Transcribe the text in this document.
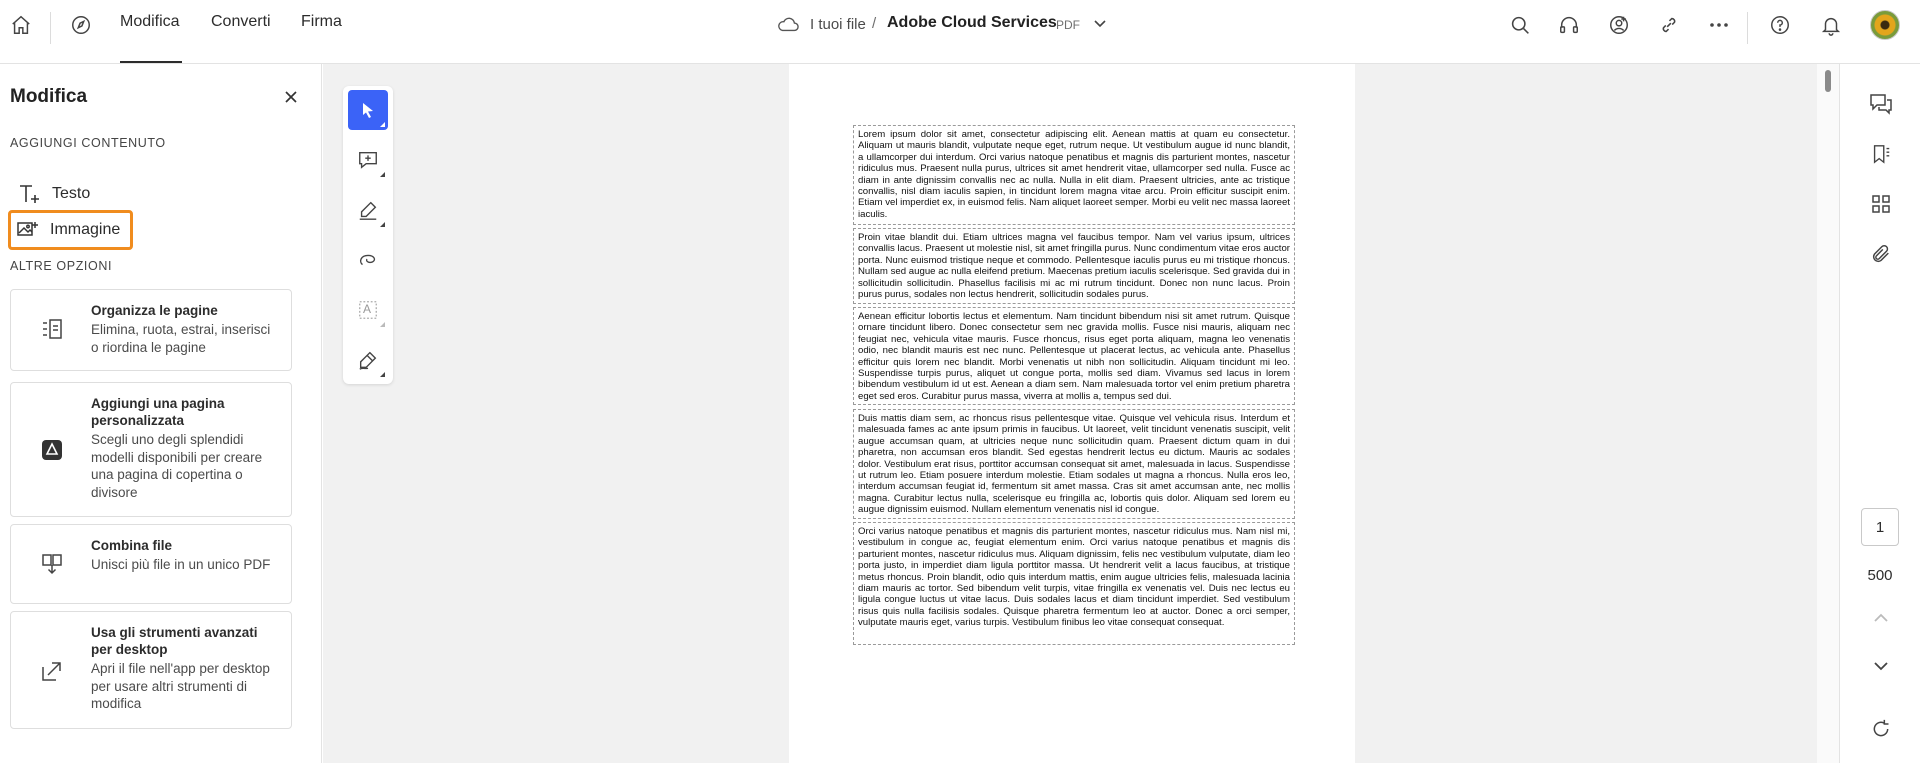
Modifica Converti Firma	I tuoi file / Adobe Cloud Services PDF
Modifica
AGGIUNGI CONTENUTO
Testo
Immagine
ALTRE OPZIONI
Organizza le pagine
Elimina, ruota, estrai, inserisci o riordina le pagine
Aggiungi una pagina personalizzata
Scegli uno degli splendidi modelli disponibili per creare una pagina di copertina o divisore
Combina file
Unisci più file in un unico PDF
Usa gli strumenti avanzati per desktop
Apri il file nell'app per desktop per usare altri strumenti di modifica
A
Lorem ipsum dolor sit amet, consectetur adipiscing elit. Aenean mattis at quam eu consectetur. Aliquam ut mauris blandit, vulputate neque eget, rutrum neque. Ut vestibulum augue id nunc blandit, a ullamcorper dui interdum. Orci varius natoque penatibus et magnis dis parturient montes, nascetur ridiculus mus. Praesent nulla purus, ultrices sit amet hendrerit vitae, ullamcorper sed nulla. Fusce ac diam in ante dignissim convallis nec ac nulla. Nulla in elit diam. Praesent ultricies, ante ac tristique convallis, nisl diam iaculis sapien, in tincidunt lorem magna vitae arcu. Proin efficitur suscipit enim. Etiam vel imperdiet ex, in euismod felis. Nam aliquet laoreet semper. Morbi eu velit nec massa laoreet iaculis.
Proin vitae blandit dui. Etiam ultrices magna vel faucibus tempor. Nam vel varius ipsum, ultrices convallis lacus. Praesent ut molestie nisl, sit amet fringilla purus. Nunc condimentum vitae eros auctor porta. Nunc euismod tristique neque et commodo. Pellentesque iaculis purus eu mi tristique rhoncus. Nullam sed augue ac nulla eleifend pretium. Maecenas pretium iaculis scelerisque. Sed gravida dui in sollicitudin sollicitudin. Phasellus facilisis mi ac mi rutrum tincidunt. Donec non nunc lacus. Proin purus purus, sodales non lectus hendrerit, sollicitudin sodales purus.
Aenean efficitur lobortis lectus et elementum. Nam tincidunt bibendum nisi sit amet rutrum. Quisque ornare tincidunt libero. Donec consectetur sem nec gravida mollis. Fusce nisi mauris, aliquam nec feugiat nec, vehicula vitae mauris. Fusce rhoncus, risus eget porta aliquam, magna leo venenatis odio, nec blandit mauris est nec nunc. Pellentesque ut placerat lectus, ac vehicula ante. Phasellus efficitur quis lorem nec blandit. Morbi venenatis ut nibh non sollicitudin. Aliquam tincidunt mi leo. Suspendisse turpis purus, aliquet ut congue porta, mollis sed diam. Vivamus sed lacus in lorem bibendum vestibulum id ut est. Aenean a diam sem. Nam malesuada tortor vel enim pretium pharetra eget sed eros. Curabitur purus massa, viverra at mollis a, tempus sed dui.
Duis mattis diam sem, ac rhoncus risus pellentesque vitae. Quisque vel vehicula risus. Interdum et malesuada fames ac ante ipsum primis in faucibus. Ut laoreet, velit tincidunt venenatis suscipit, velit augue accumsan quam, at ultricies neque nunc sollicitudin quam. Praesent dictum quam in dui pharetra, non accumsan eros blandit. Sed egestas hendrerit lectus eu dictum. Mauris ac sodales dolor. Vestibulum erat risus, porttitor accumsan consequat sit amet, malesuada in lacus. Suspendisse ut rutrum leo. Etiam posuere interdum molestie. Etiam sodales ut magna a rhoncus. Nulla eros leo, interdum accumsan feugiat id, fermentum sit amet massa. Cras sit amet accumsan ante, nec mollis magna. Curabitur lectus nulla, scelerisque eu fringilla ac, lobortis quis dolor. Aliquam sed lorem eu augue dignissim euismod. Nullam elementum venenatis nisl id congue.
Orci varius natoque penatibus et magnis dis parturient montes, nascetur ridiculus mus. Nam nisl mi, vestibulum in congue ac, feugiat elementum enim. Orci varius natoque penatibus et magnis dis parturient montes, nascetur ridiculus mus. Aliquam dignissim, felis nec vestibulum vulputate, diam leo porta justo, in imperdiet diam ligula porttitor massa. Ut hendrerit velit a lacus faucibus, at tristique metus rhoncus. Proin blandit, odio quis interdum mattis, enim augue ultricies felis, malesuada lacinia diam mauris ac tortor. Sed bibendum velit turpis, vitae fringilla ex venenatis vel. Duis nec lectus eu ligula congue luctus ut vitae lacus. Duis sodales lacus et diam tincidunt imperdiet. Sed vestibulum risus quis nulla facilisis sodales. Quisque pharetra fermentum leo at auctor. Donec a orci semper, vulputate mauris eget, varius turpis. Vestibulum finibus leo vitae consequat consequat.
1
500
